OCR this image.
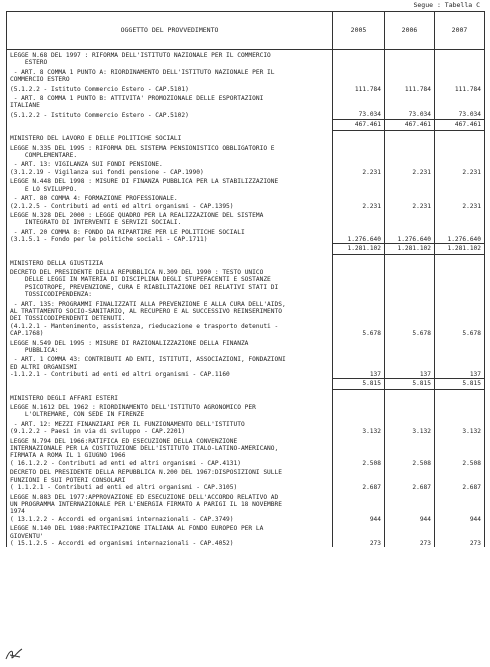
Segue : Tabella C
OGGETTO DEL PROVVEDIMENTO	2005	2006	2007

LEGGE N.68 DEL 1997 : RIFORMA DELL'ISTITUTO NAZIONALE PER IL COMMERCIO
ESTERO			

- ART. 8 COMMA 1 PUNTO A: RIORDINAMENTO DELL'ISTITUTO NAZIONALE PER IL
COMMERCIO ESTERO			

(5.1.2.2 - Istituto Commercio Estero - CAP.5101)	111.784	111.784	111.784

- ART. 8 COMMA 1 PUNTO B: ATTIVITA' PROMOZIONALE DELLE ESPORTAZIONI
ITALIANE			

(5.1.2.2 - Istituto Commercio Estero - CAP.5102)	73.034	73.034	73.034
	467.461	467.461	467.461

MINISTERO DEL LAVORO E DELLE POLITICHE SOCIALI			

LEGGE N.335 DEL 1995 : RIFORMA DEL SISTEMA PENSIONISTICO OBBLIGATORIO E
COMPLEMENTARE.			

- ART. 13: VIGILANZA SUI FONDI PENSIONE.
(3.1.2.19 - Vigilanza sui fondi pensione - CAP.1990)	2.231	2.231	2.231

LEGGE N.448 DEL 1998 : MISURE DI FINANZA PUBBLICA PER LA STABILIZZAZIONE
E LO SVILUPPO.			

- ART. 80 COMMA 4: FORMAZIONE PROFESSIONALE.
(2.1.2.5 - Contributi ad enti ed altri organismi - CAP.1395)	2.231	2.231	2.231

LEGGE N.328 DEL 2000 : LEGGE QUADRO PER LA REALIZZAZIONE DEL SISTEMA
INTEGRATO DI INTERVENTI E SERVIZI SOCIALI.			

- ART. 20 COMMA 8: FONDO DA RIPARTIRE PER LE POLITICHE SOCIALI
(3.1.5.1 - Fondo per le politiche sociali - CAP.1711)	1.276.640	1.276.640	1.276.640
	1.281.102	1.281.102	1.281.102

MINISTERO DELLA GIUSTIZIA			

DECRETO DEL PRESIDENTE DELLA REPUBBLICA N.309 DEL 1990 : TESTO UNICO
DELLE LEGGI IN MATERIA DI DISCIPLINA DEGLI STUPEFACENTI E SOSTANZE
PSICOTROPE, PREVENZIONE, CURA E RIABILITAZIONE DEI RELATIVI STATI DI
TOSSICODIPENDENZA:			

- ART. 135: PROGRAMMI FINALIZZATI ALLA PREVENZIONE E ALLA CURA DELL'AIDS,
AL TRATTAMENTO SOCIO-SANITARIO, AL RECUPERO E AL SUCCESSIVO REINSERIMENTO
DEI TOSSICODIPENDENTI DETENUTI.
(4.1.2.1 - Mantenimento, assistenza, rieducazione e trasporto detenuti -
CAP.1768)	5.678	5.678	5.678

LEGGE N.549 DEL 1995 : MISURE DI RAZIONALIZZAZIONE DELLA FINANZA
PUBBLICA:			

- ART. 1 COMMA 43: CONTRIBUTI AD ENTI, ISTITUTI, ASSOCIAZIONI, FONDAZIONI
ED ALTRI ORGANISMI
-1.1.2.1 - Contributi ad enti ed altri organismi - CAP.1160	137	137	137
	5.815	5.815	5.815

MINISTERO DEGLI AFFARI ESTERI			

LEGGE N.1612 DEL 1962 : RIORDINAMENTO DELL'ISTITUTO AGRONOMICO PER
L'OLTREMARE, CON SEDE IN FIRENZE			

- ART. 12: MEZZI FINANZIARI PER IL FUNZIONAMENTO DELL'ISTITUTO
(9.1.2.2 - Paesi in via di sviluppo - CAP.2201)	3.132	3.132	3.132

LEGGE N.794 DEL 1966:RATIFICA ED ESECUZIONE DELLA CONVENZIONE
INTERNAZIONALE PER LA COSTITUZIONE DELL'ISTITUTO ITALO-LATINO-AMERICANO,
FIRMATA A ROMA IL 1 GIUGNO 1966
( 16.1.2.2 - Contributi ad enti ed altri organismi - CAP.4131)	2.508	2.508	2.508

DECRETO DEL PRESIDENTE DELLA REPUBBLICA N.200 DEL 1967:DISPOSIZIONI SULLE
FUNZIONI E SUI POTERI CONSOLARI
( 1.1.2.1 - Contributi ad enti ed altri organismi - CAP.3105)	2.687	2.687	2.687

LEGGE N.883 DEL 1977:APPROVAZIONE ED ESECUZIONE DELL'ACCORDO RELATIVO AD
UN PROGRAMMA INTERNAZIONALE PER L'ENERGIA FIRMATO A PARIGI IL 18 NOVEMBRE
1974
( 13.1.2.2 - Accordi ed organismi internazionali - CAP.3749)	944	944	944

LEGGE N.140 DEL 1980:PARTECIPAZIONE ITALIANA AL FONDO EUROPEO PER LA
GIOVENTU'
( 15.1.2.5 - Accordi ed organismi internazionali - CAP.4052)	273	273	273
